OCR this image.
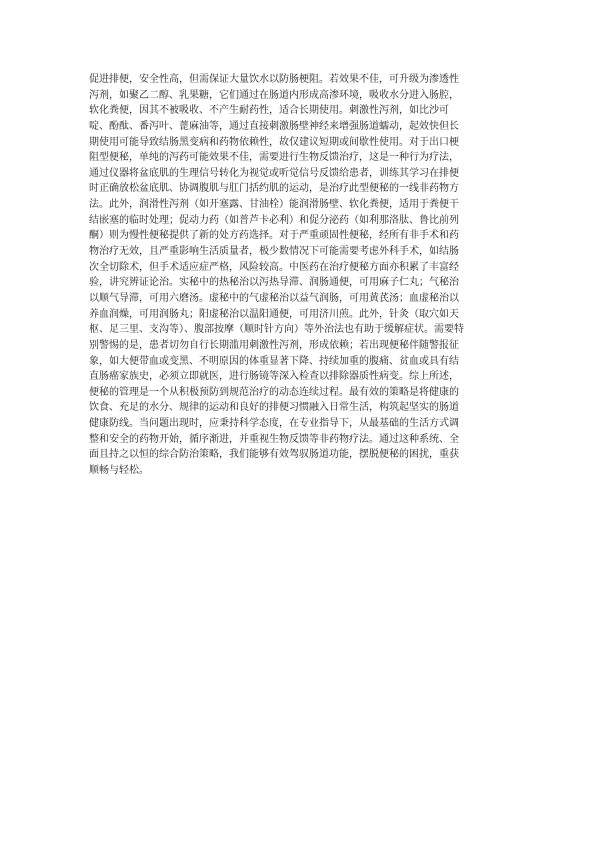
促进排便，安全性高，但需保证大量饮水以防肠梗阻。若效果不佳，可升级为渗透性
泻剂，如聚乙二醇、乳果糖，它们通过在肠道内形成高渗环境，吸收水分进入肠腔，
软化粪便，因其不被吸收、不产生耐药性，适合长期使用。刺激性泻剂，如比沙可
啶、酚酞、番泻叶、蓖麻油等，通过直接刺激肠壁神经来增强肠道蠕动，起效快但长
期使用可能导致结肠黑变病和药物依赖性，故仅建议短期或间歇性使用。对于出口梗
阻型便秘，单纯的泻药可能效果不佳，需要进行生物反馈治疗，这是一种行为疗法，
通过仪器将盆底肌的生理信号转化为视觉或听觉信号反馈给患者，训练其学习在排便
时正确放松盆底肌、协调腹肌与肛门括约肌的运动，是治疗此型便秘的一线非药物方
法。此外，润滑性泻剂（如开塞露、甘油栓）能润滑肠壁、软化粪便，适用于粪便干
结嵌塞的临时处理；促动力药（如普芦卡必利）和促分泌药（如利那洛肽、鲁比前列
酮）则为慢性便秘提供了新的处方药选择。对于严重顽固性便秘，经所有非手术和药
物治疗无效，且严重影响生活质量者，极少数情况下可能需要考虑外科手术，如结肠
次全切除术，但手术适应症严格，风险较高。中医药在治疗便秘方面亦积累了丰富经
验，讲究辨证论治。实秘中的热秘治以泻热导滞、润肠通便，可用麻子仁丸；气秘治
以顺气导滞，可用六磨汤。虚秘中的气虚秘治以益气润肠，可用黄芪汤；血虚秘治以
养血润燥，可用润肠丸；阳虚秘治以温阳通便，可用济川煎。此外，针灸（取穴如天
枢、足三里、支沟等）、腹部按摩（顺时针方向）等外治法也有助于缓解症状。需要特
别警惕的是，患者切勿自行长期滥用刺激性泻剂，形成依赖；若出现便秘伴随警报征
象，如大便带血或变黑、不明原因的体重显著下降、持续加重的腹痛、贫血或具有结
直肠癌家族史，必须立即就医，进行肠镜等深入检查以排除器质性病变。综上所述，
便秘的管理是一个从积极预防到规范治疗的动态连续过程。最有效的策略是将健康的
饮食、充足的水分、规律的运动和良好的排便习惯融入日常生活，构筑起坚实的肠道
健康防线。当问题出现时，应秉持科学态度，在专业指导下，从最基础的生活方式调
整和安全的药物开始，循序渐进，并重视生物反馈等非药物疗法。通过这种系统、全
面且持之以恒的综合防治策略，我们能够有效驾驭肠道功能，摆脱便秘的困扰，重获
顺畅与轻松。
